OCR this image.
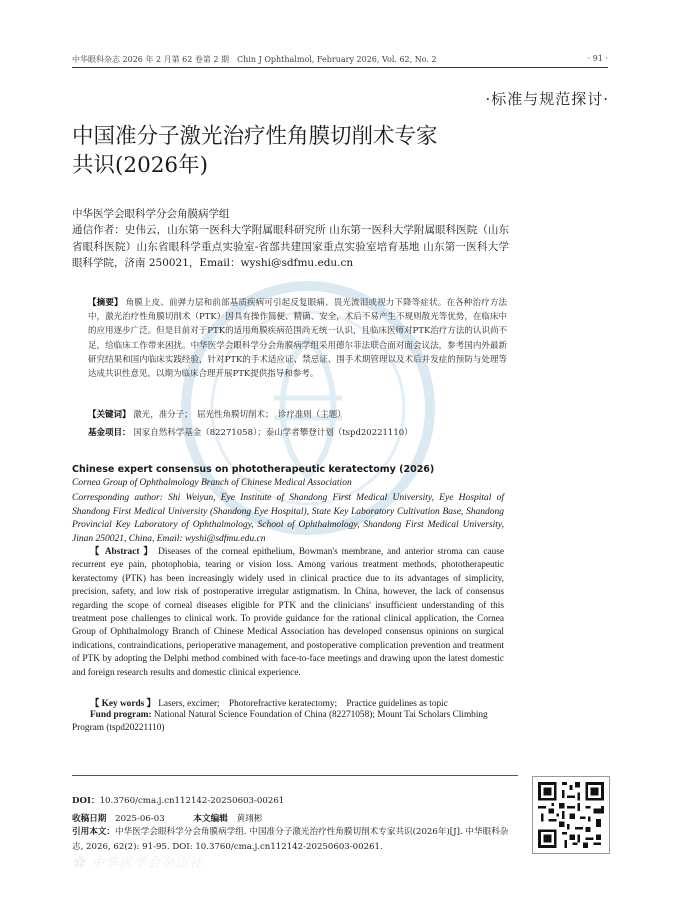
中华眼科杂志 2026 年 2 月第 62 卷第 2 期　Chin J Ophthalmol, February 2026, Vol. 62, No. 2	· 91 ·
·标准与规范探讨·
中国准分子激光治疗性角膜切削术专家
共识(2026年)
中华医学会眼科学分会角膜病学组
通信作者：史伟云，山东第一医科大学附属眼科研究所 山东第一医科大学附属眼科医院（山东省眼科医院）山东省眼科学重点实验室-省部共建国家重点实验室培育基地 山东第一医科大学眼科学院，济南 250021，Email：wyshi@sdfmu.edu.cn
【摘要】 角膜上皮、前弹力层和前部基质疾病可引起反复眼痛、畏光流泪或视力下降等症状。在各种治疗方法中，激光治疗性角膜切削术（PTK）因具有操作简便、精确、安全，术后不易产生不规则散光等优势，在临床中的应用逐步广泛。但是目前对于PTK的适用角膜疾病范围尚无统一认识，且临床医师对PTK治疗方法的认识尚不足，给临床工作带来困扰。中华医学会眼科学分会角膜病学组采用德尔菲法联合面对面会议法，参考国内外最新研究结果和国内临床实践经验，针对PTK的手术适应证、禁忌证、围手术期管理以及术后并发症的预防与处理等达成共识性意见，以期为临床合理开展PTK提供指导和参考。
【关键词】 激光，准分子；　屈光性角膜切削术；　诊疗准则（主题）
基金项目： 国家自然科学基金（82271058）；泰山学者攀登计划（tspd20221110）
Chinese expert consensus on phototherapeutic keratectomy (2026)
Cornea Group of Ophthalmology Branch of Chinese Medical Association
Corresponding author: Shi Weiyun, Eye Institute of Shandong First Medical University, Eye Hospital of Shandong First Medical University (Shandong Eye Hospital), State Key Laboratory Cultivation Base, Shandong Provincial Key Laboratory of Ophthalmology, School of Ophthalmology, Shandong First Medical University, Jinan 250021, China, Email: wyshi@sdfmu.edu.cn
【 Abstract 】 Diseases of the corneal epithelium, Bowman's membrane, and anterior stroma can cause recurrent eye pain, photophobia, tearing or vision loss. Among various treatment methods, phototherapeutic keratectomy (PTK) has been increasingly widely used in clinical practice due to its advantages of simplicity, precision, safety, and low risk of postoperative irregular astigmatism. In China, however, the lack of consensus regarding the scope of corneal diseases eligible for PTK and the clinicians' insufficient understanding of this treatment pose challenges to clinical work. To provide guidance for the rational clinical application, the Cornea Group of Ophthalmology Branch of Chinese Medical Association has developed consensus opinions on surgical indications, contraindications, perioperative management, and postoperative complication prevention and treatment of PTK by adopting the Delphi method combined with face-to-face meetings and drawing upon the latest domestic and foreign research results and domestic clinical experience.
【 Key words 】 Lasers, excimer;　Photorefractive keratectomy;　Practice guidelines as topic
Fund program: National Natural Science Foundation of China (82271058); Mount Tai Scholars Climbing Program (tspd20221110)
DOI：10.3760/cma.j.cn112142-20250603-00261
收稿日期 2025-06-03	本文编辑 黄翊彬
引用本文：中华医学会眼科学分会角膜病学组. 中国准分子激光治疗性角膜切削术专家共识(2026年)[J]. 中华眼科杂志, 2026, 62(2): 91-95. DOI: 10.3760/cma.j.cn112142-20250603-00261.
✿ 中华医学会杂志社
